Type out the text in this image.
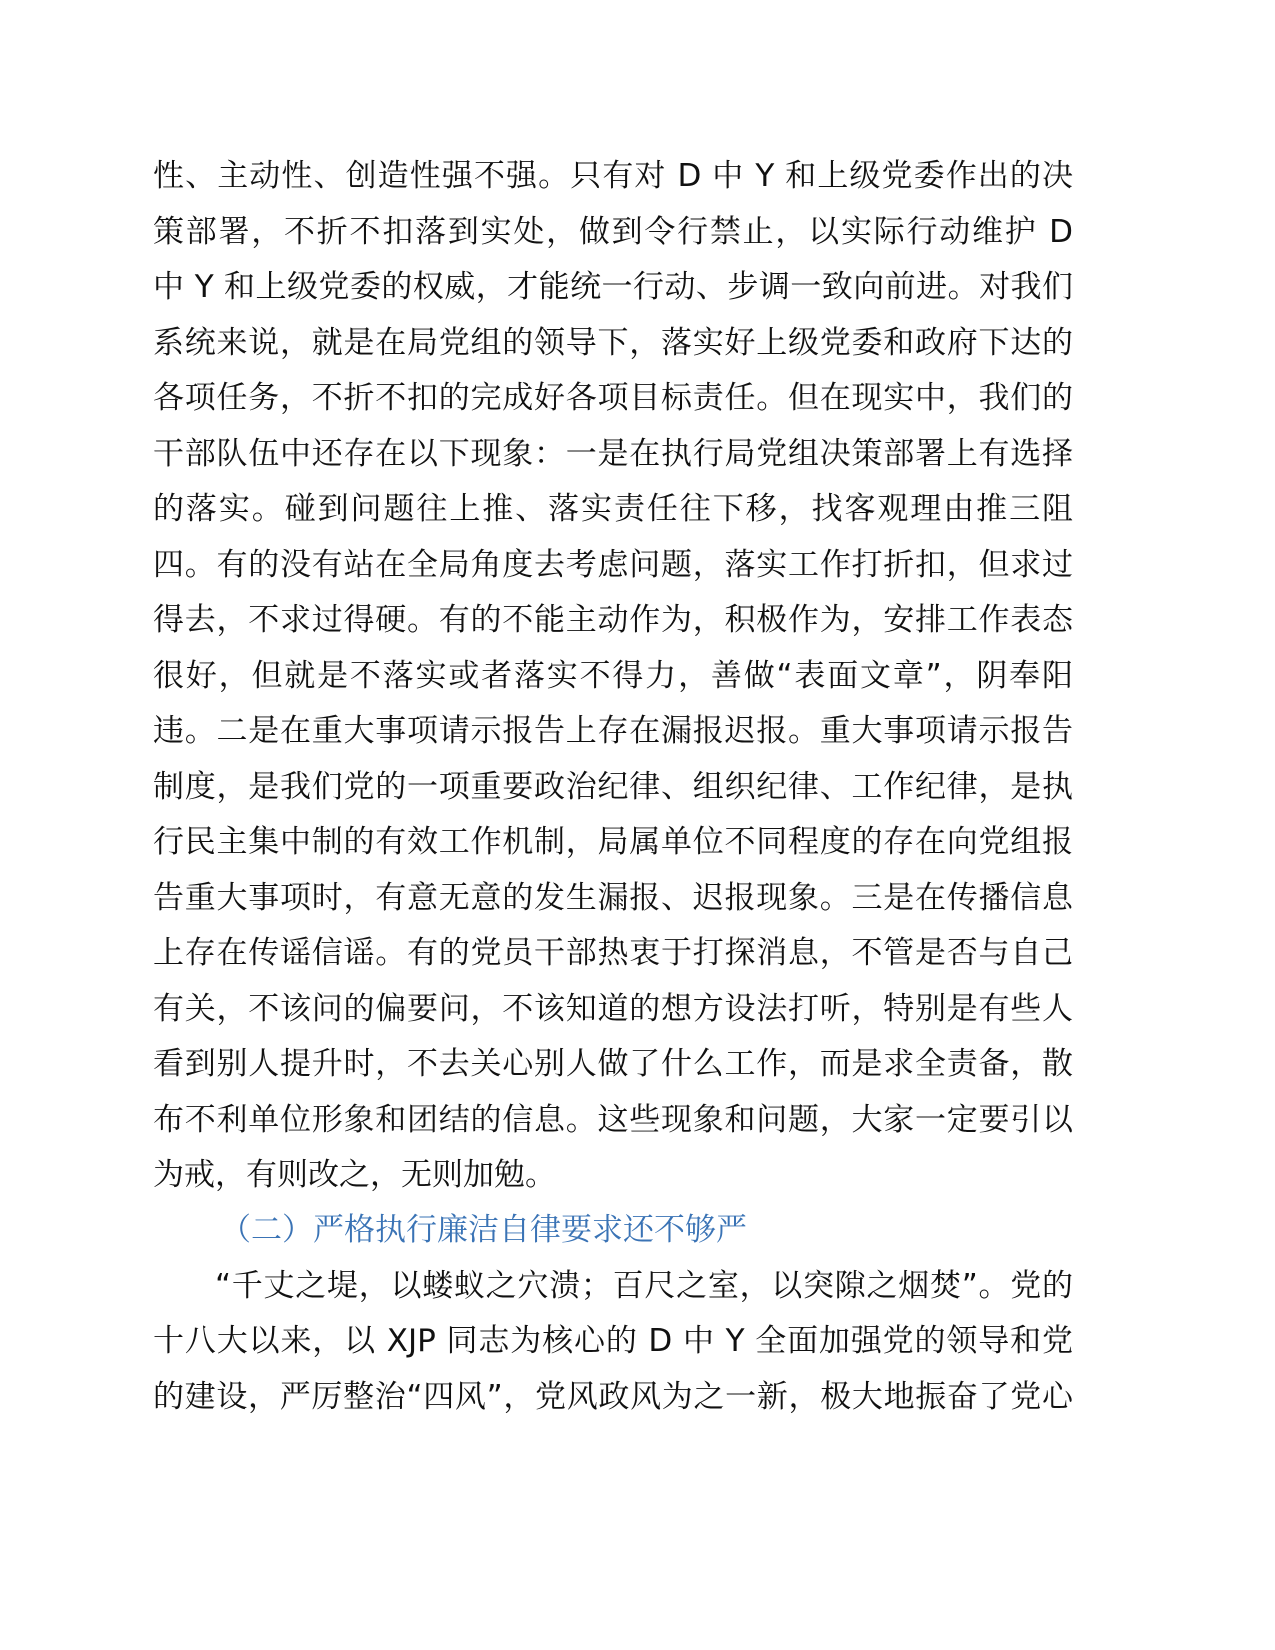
性、主动性、创造性强不强。只有对 D 中 Y 和上级党委作出的决
策部署，不折不扣落到实处，做到令行禁止，以实际行动维护 D
中 Y 和上级党委的权威，才能统一行动、步调一致向前进。对我们
系统来说，就是在局党组的领导下，落实好上级党委和政府下达的
各项任务，不折不扣的完成好各项目标责任。但在现实中，我们的
干部队伍中还存在以下现象：一是在执行局党组决策部署上有选择
的落实。碰到问题往上推、落实责任往下移，找客观理由推三阻
四。有的没有站在全局角度去考虑问题，落实工作打折扣，但求过
得去，不求过得硬。有的不能主动作为，积极作为，安排工作表态
很好，但就是不落实或者落实不得力，善做“表面文章”，阴奉阳
违。二是在重大事项请示报告上存在漏报迟报。重大事项请示报告
制度，是我们党的一项重要政治纪律、组织纪律、工作纪律，是执
行民主集中制的有效工作机制，局属单位不同程度的存在向党组报
告重大事项时，有意无意的发生漏报、迟报现象。三是在传播信息
上存在传谣信谣。有的党员干部热衷于打探消息，不管是否与自己
有关，不该问的偏要问，不该知道的想方设法打听，特别是有些人
看到别人提升时，不去关心别人做了什么工作，而是求全责备，散
布不利单位形象和团结的信息。这些现象和问题，大家一定要引以
为戒，有则改之，无则加勉。
（二）严格执行廉洁自律要求还不够严
“千丈之堤，以蝼蚁之穴溃；百尺之室，以突隙之烟焚”。党的
十八大以来，以 XJP 同志为核心的 D 中 Y 全面加强党的领导和党
的建设，严厉整治“四风”，党风政风为之一新，极大地振奋了党心
